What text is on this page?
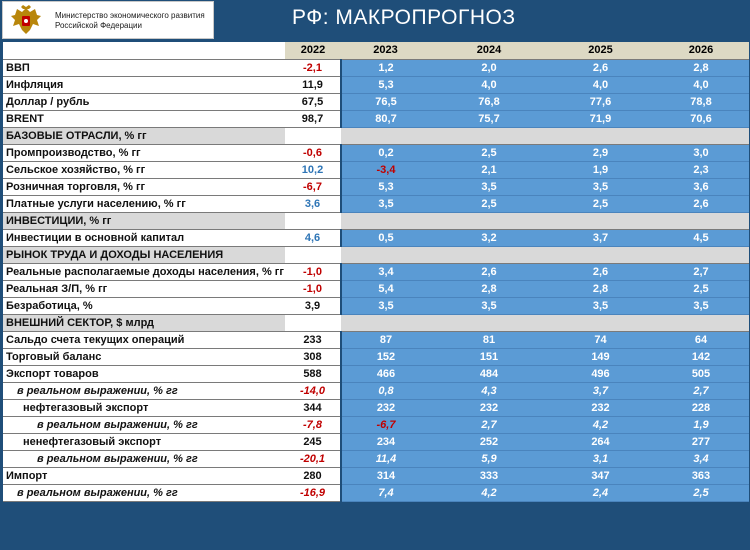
Министерство экономического развития
Российской Федерации	РФ: МАКРОПРОГНОЗ
	2022	2023	2024	2025	2026
ВВП	-2,1	1,2	2,0	2,6	2,8
Инфляция	11,9	5,3	4,0	4,0	4,0
Доллар / рубль	67,5	76,5	76,8	77,6	78,8
BRENT	98,7	80,7	75,7	71,9	70,6
БАЗОВЫЕ ОТРАСЛИ, % гг					
Промпроизводство, % гг	-0,6	0,2	2,5	2,9	3,0
Сельское хозяйство, % гг	10,2	-3,4	2,1	1,9	2,3
Розничная торговля, % гг	-6,7	5,3	3,5	3,5	3,6
Платные услуги населению, % гг	3,6	3,5	2,5	2,5	2,6
ИНВЕСТИЦИИ, % гг					
Инвестиции в основной капитал	4,6	0,5	3,2	3,7	4,5
РЫНОК ТРУДА И ДОХОДЫ НАСЕЛЕНИЯ					
Реальные располагаемые доходы населения, % гг	-1,0	3,4	2,6	2,6	2,7
Реальная З/П, % гг	-1,0	5,4	2,8	2,8	2,5
Безработица, %	3,9	3,5	3,5	3,5	3,5
ВНЕШНИЙ СЕКТОР, $ млрд					
Сальдо счета текущих операций	233	87	81	74	64
Торговый баланс	308	152	151	149	142
Экспорт товаров	588	466	484	496	505
в реальном выражении, % гг	-14,0	0,8	4,3	3,7	2,7
нефтегазовый экспорт	344	232	232	232	228
в реальном выражении, % гг	-7,8	-6,7	2,7	4,2	1,9
ненефтегазовый экспорт	245	234	252	264	277
в реальном выражении, % гг	-20,1	11,4	5,9	3,1	3,4
Импорт	280	314	333	347	363
в реальном выражении, % гг	-16,9	7,4	4,2	2,4	2,5
